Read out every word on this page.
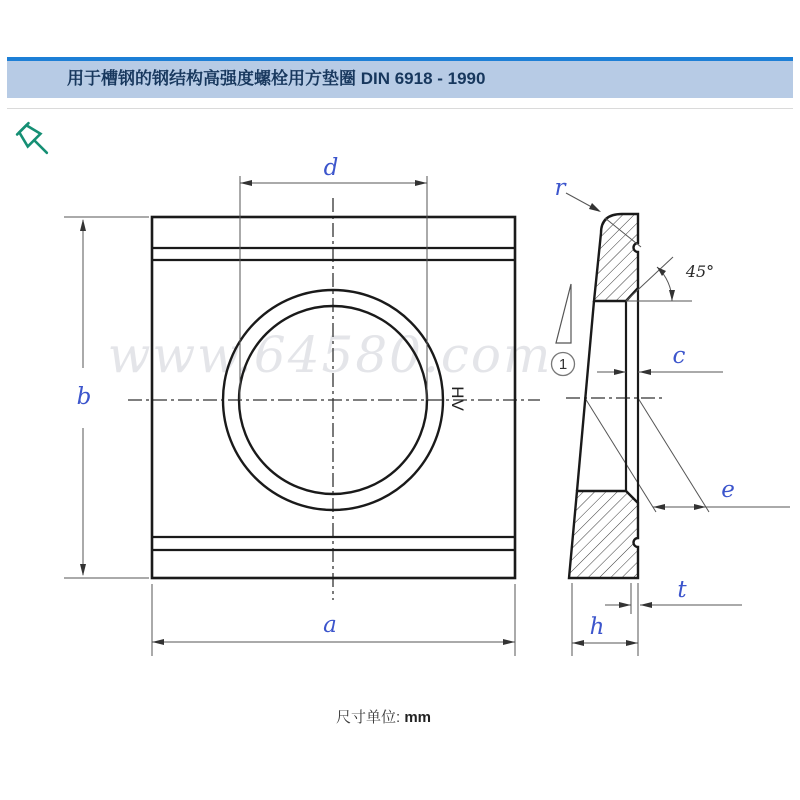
用于槽钢的钢结构高强度螺栓用方垫圈 DIN 6918 - 1990
www.64580.com
HV
d
b
a
45°
r
1	c
e
t
h
尺寸单位: mm
